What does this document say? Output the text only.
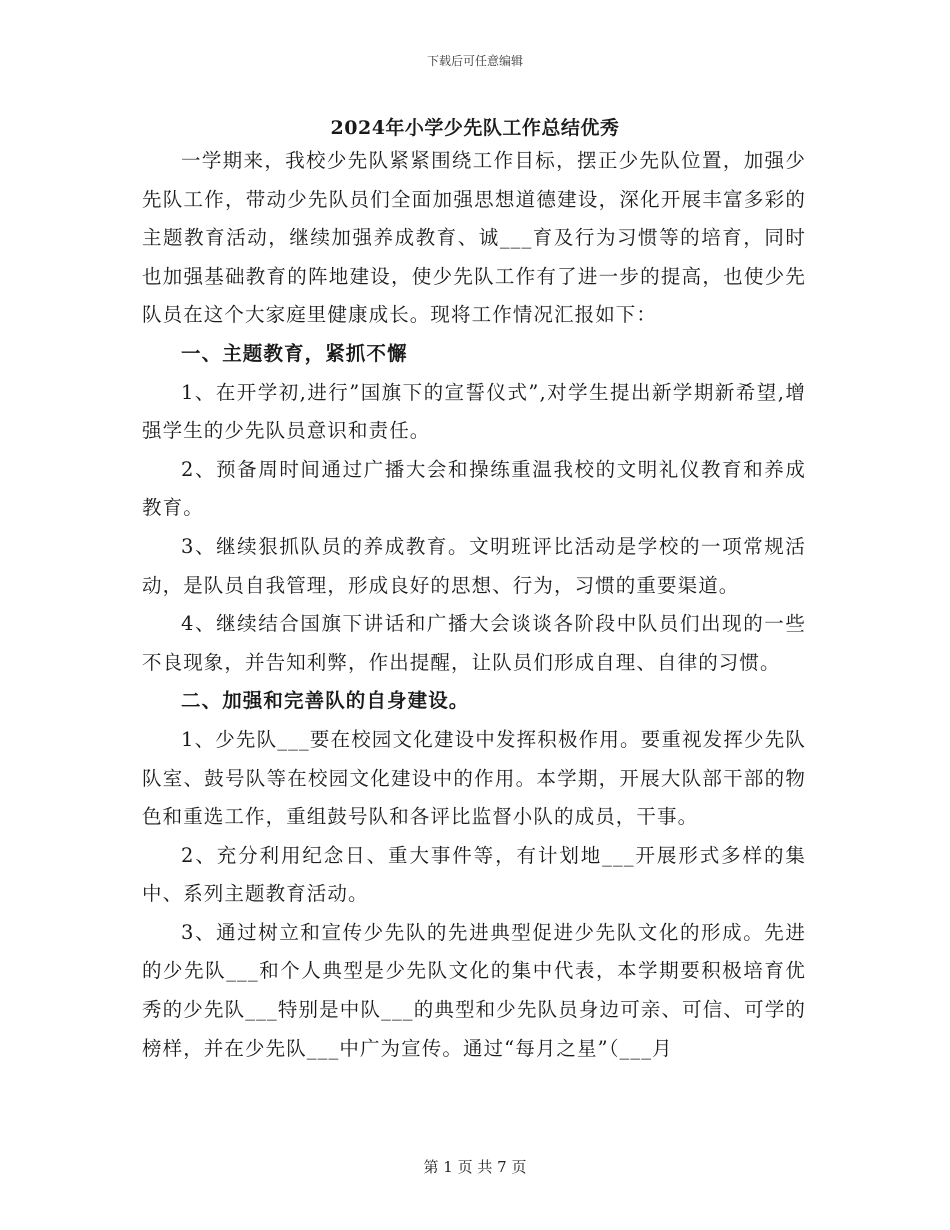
下载后可任意编辑
2024年小学少先队工作总结优秀

一学期来，我校少先队紧紧围绕工作目标，摆正少先队位置，加强少先队工作，带动少先队员们全面加强思想道德建设，深化开展丰富多彩的主题教育活动，继续加强养成教育、诚___育及行为习惯等的培育，同时也加强基础教育的阵地建设，使少先队工作有了进一步的提高，也使少先队员在这个大家庭里健康成长。现将工作情况汇报如下：

一、主题教育，紧抓不懈

1、在开学初,进行”国旗下的宣誓仪式”,对学生提出新学期新希望,增强学生的少先队员意识和责任。

2、预备周时间通过广播大会和操练重温我校的文明礼仪教育和养成教育。

3、继续狠抓队员的养成教育。文明班评比活动是学校的一项常规活动，是队员自我管理，形成良好的思想、行为，习惯的重要渠道。

4、继续结合国旗下讲话和广播大会谈谈各阶段中队员们出现的一些不良现象，并告知利弊，作出提醒，让队员们形成自理、自律的习惯。

二、加强和完善队的自身建设。

1、少先队___要在校园文化建设中发挥积极作用。要重视发挥少先队队室、鼓号队等在校园文化建设中的作用。本学期，开展大队部干部的物色和重选工作，重组鼓号队和各评比监督小队的成员，干事。

2、充分利用纪念日、重大事件等，有计划地___开展形式多样的集中、系列主题教育活动。

3、通过树立和宣传少先队的先进典型促进少先队文化的形成。先进的少先队___和个人典型是少先队文化的集中代表，本学期要积极培育优秀的少先队___特别是中队___的典型和少先队员身边可亲、可信、可学的榜样，并在少先队___中广为宣传。通过“每月之星”（___月

第 1 页 共 7 页
